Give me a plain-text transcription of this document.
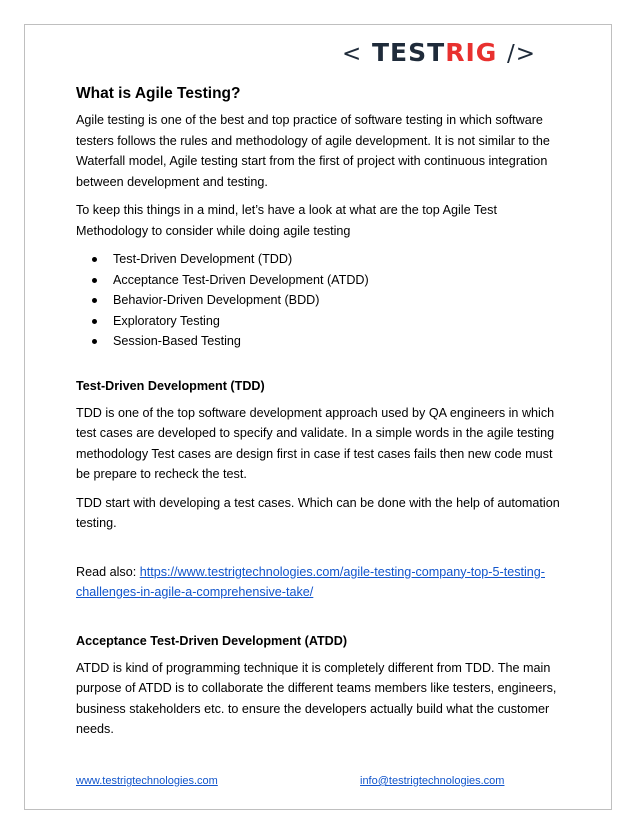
< TESTRIG />
What is Agile Testing?

Agile testing is one of the best and top practice of software testing in which software testers follows the rules and methodology of agile development. It is not similar to the Waterfall model, Agile testing start from the first of project with continuous integration between development and testing.

To keep this things in a mind, let’s have a look at what are the top Agile Test Methodology to consider while doing agile testing

Test-Driven Development (TDD)
Acceptance Test-Driven Development (ATDD)
Behavior-Driven Development (BDD)
Exploratory Testing
Session-Based Testing
Test-Driven Development (TDD)

TDD is one of the top software development approach used by QA engineers in which test cases are developed to specify and validate. In a simple words in the agile testing methodology Test cases are design first in case if test cases fails then new code must be prepare to recheck the test.

TDD start with developing a test cases. Which can be done with the help of automation testing.

Read also: https://www.testrigtechnologies.com/agile-testing-company-top-5-testing-challenges-in-agile-a-comprehensive-take/

Acceptance Test-Driven Development (ATDD)

ATDD is kind of programming technique it is completely different from TDD. The main purpose of ATDD is to collaborate the different teams members like testers, engineers, business stakeholders etc. to ensure the developers actually build what the customer needs.

www.testrigtechnologies.com	info@testrigtechnologies.com
